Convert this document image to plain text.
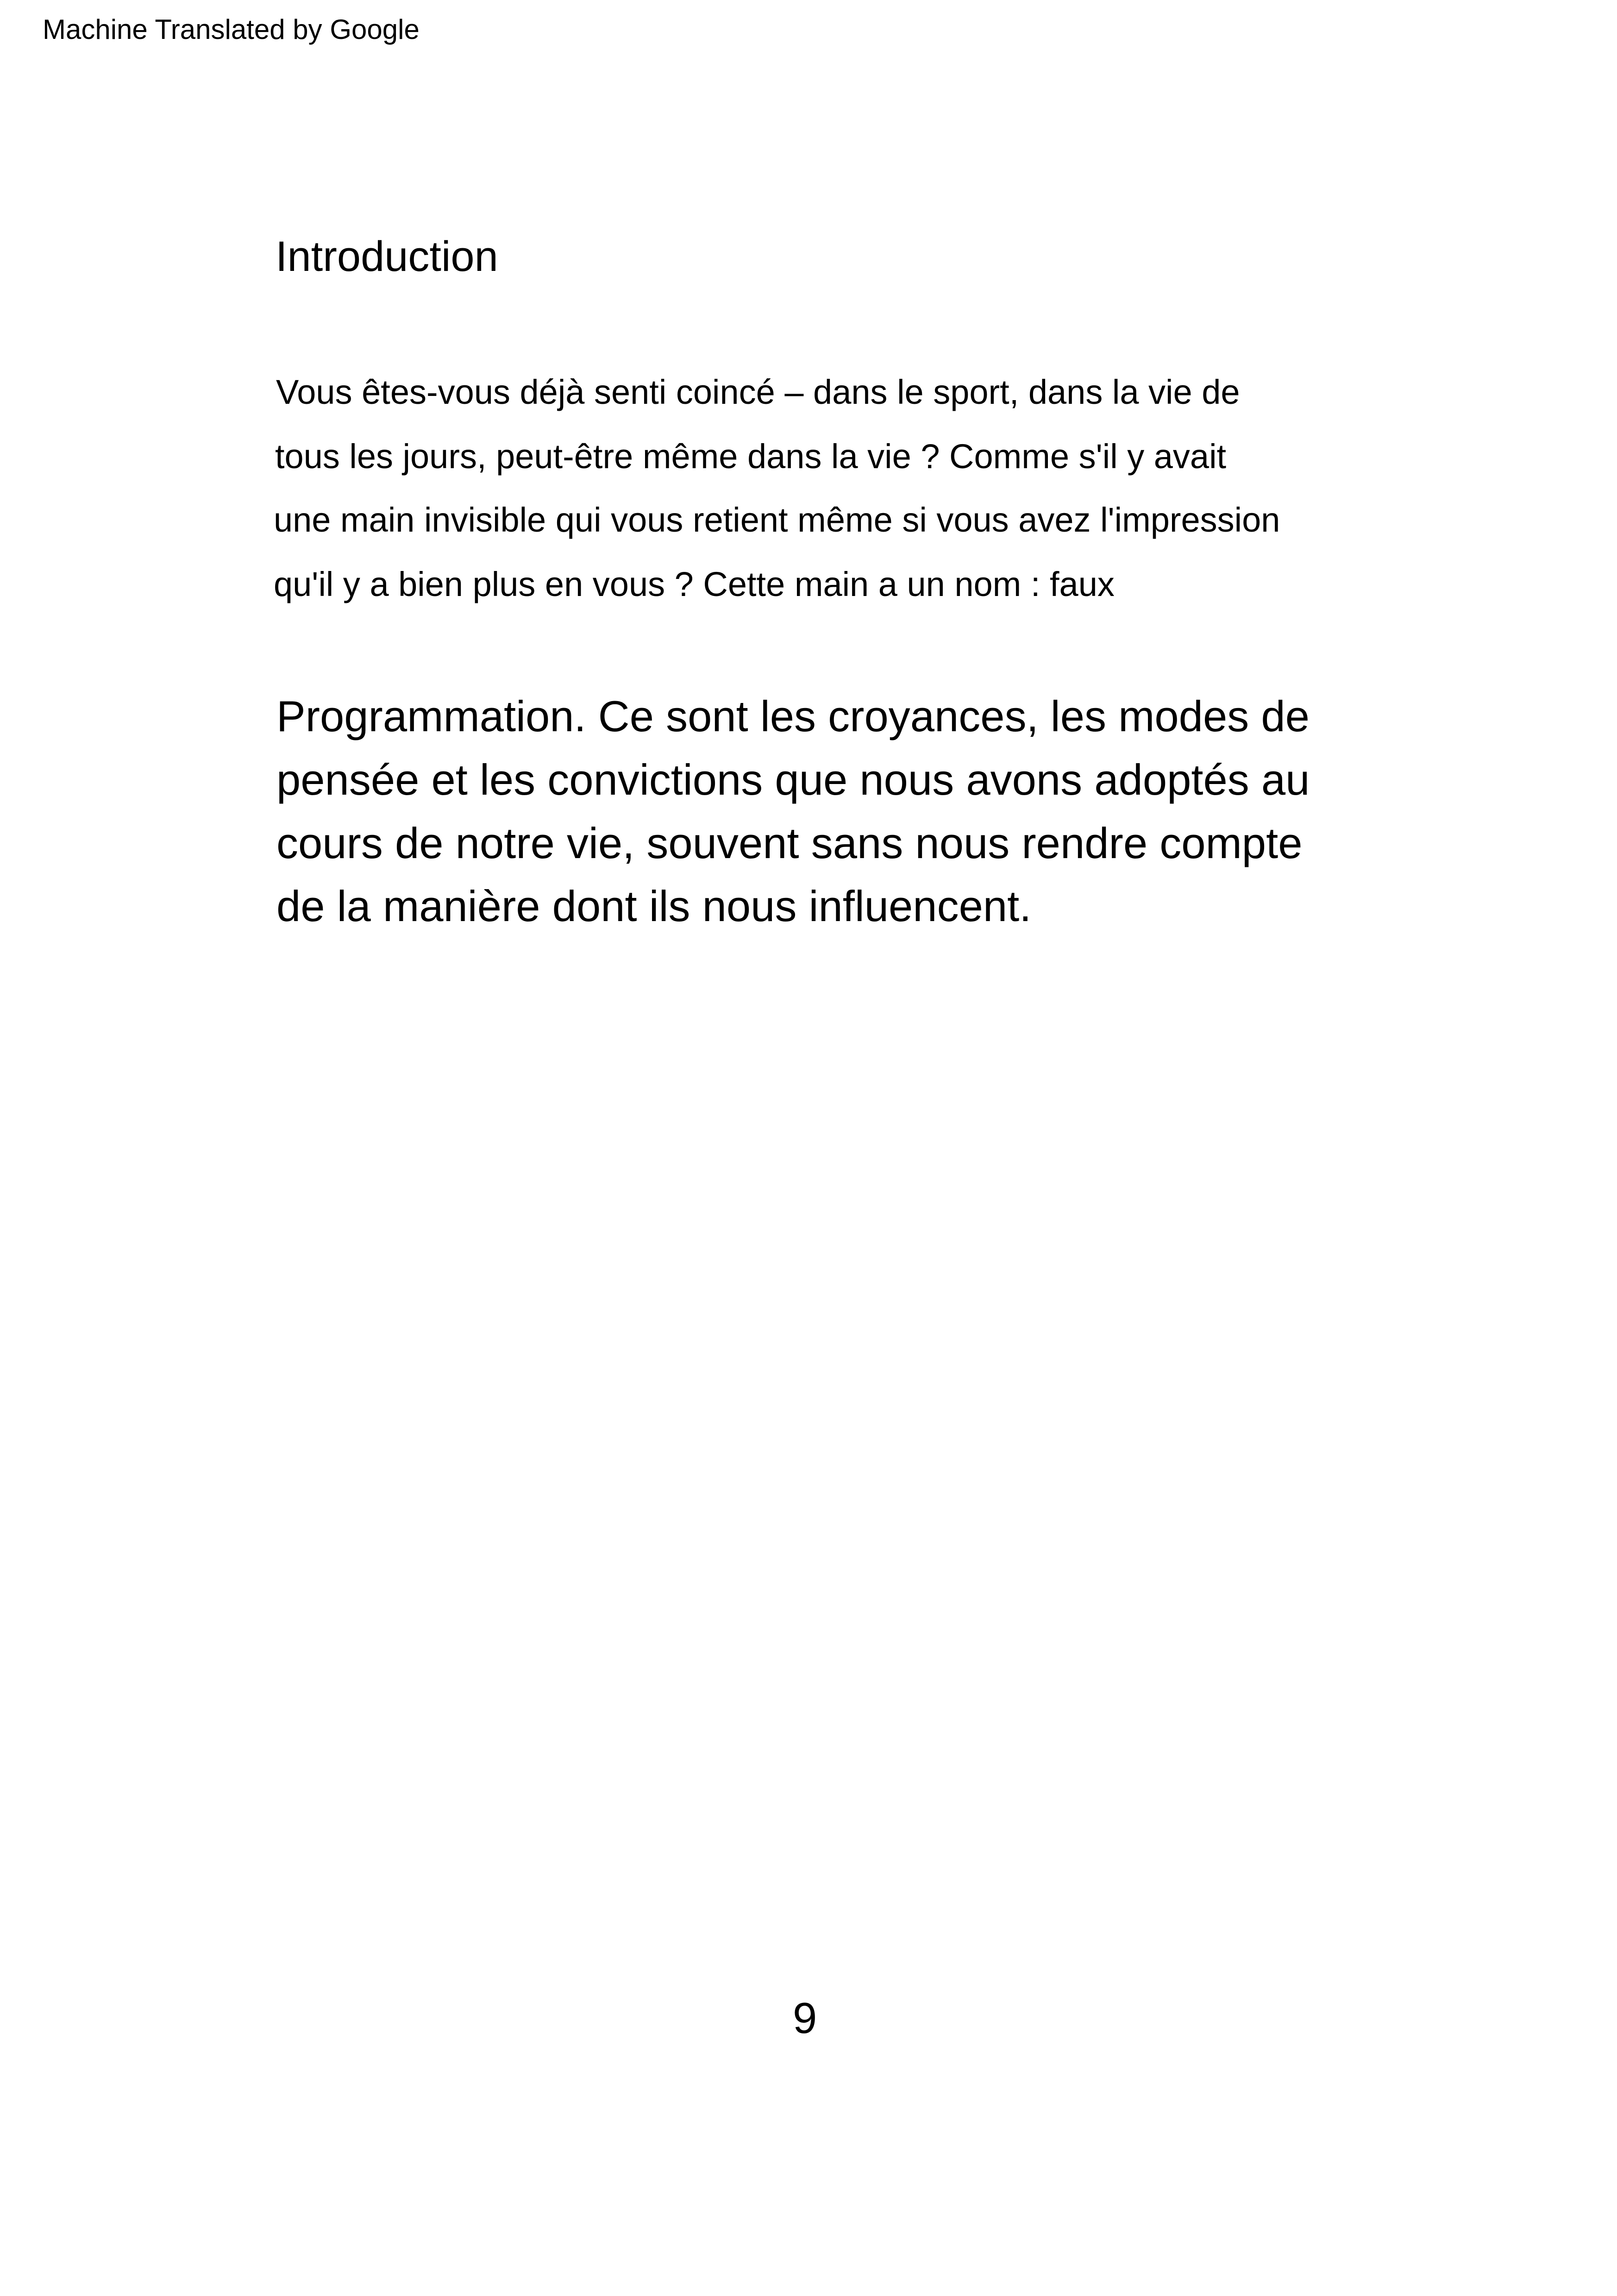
Machine Translated by Google
Introduction
Vous êtes-vous déjà senti coincé – dans le sport, dans la vie de
tous les jours, peut-être même dans la vie ? Comme s'il y avait
une main invisible qui vous retient même si vous avez l'impression
qu'il y a bien plus en vous ? Cette main a un nom : faux
Programmation. Ce sont les croyances, les modes de
pensée et les convictions que nous avons adoptés au
cours de notre vie, souvent sans nous rendre compte
de la manière dont ils nous influencent.
9
